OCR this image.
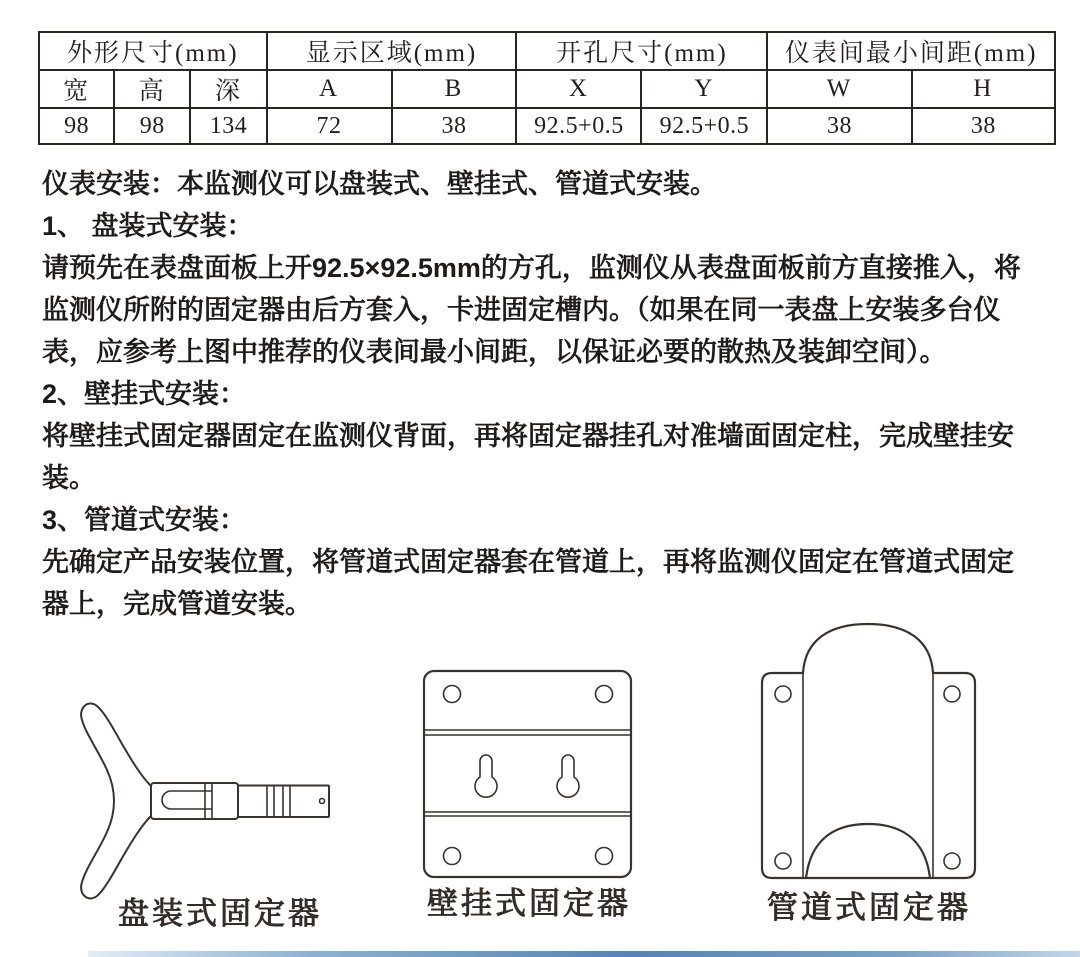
外形尺寸(mm)			显示区域(mm)		开孔尺寸(mm)		仪表间最小间距(mm)	
宽	高	深	A	B	X	Y	W	H
98	98	134	72	38	92.5+0.5	92.5+0.5	38	38

仪表安装：本监测仪可以盘装式、壁挂式、管道式安装。

1、 盘装式安装：

请预先在表盘面板上开92.5×92.5mm的方孔，监测仪从表盘面板前方直接推入，将监测仪所附的固定器由后方套入，卡进固定槽内。（如果在同一表盘上安装多台仪表，应参考上图中推荐的仪表间最小间距，以保证必要的散热及装卸空间）。

2、壁挂式安装：

将壁挂式固定器固定在监测仪背面，再将固定器挂孔对准墙面固定柱，完成壁挂安装。

3、管道式安装：

先确定产品安装位置，将管道式固定器套在管道上，再将监测仪固定在管道式固定器上，完成管道安装。

盘装式固定器	壁挂式固定器	管道式固定器
